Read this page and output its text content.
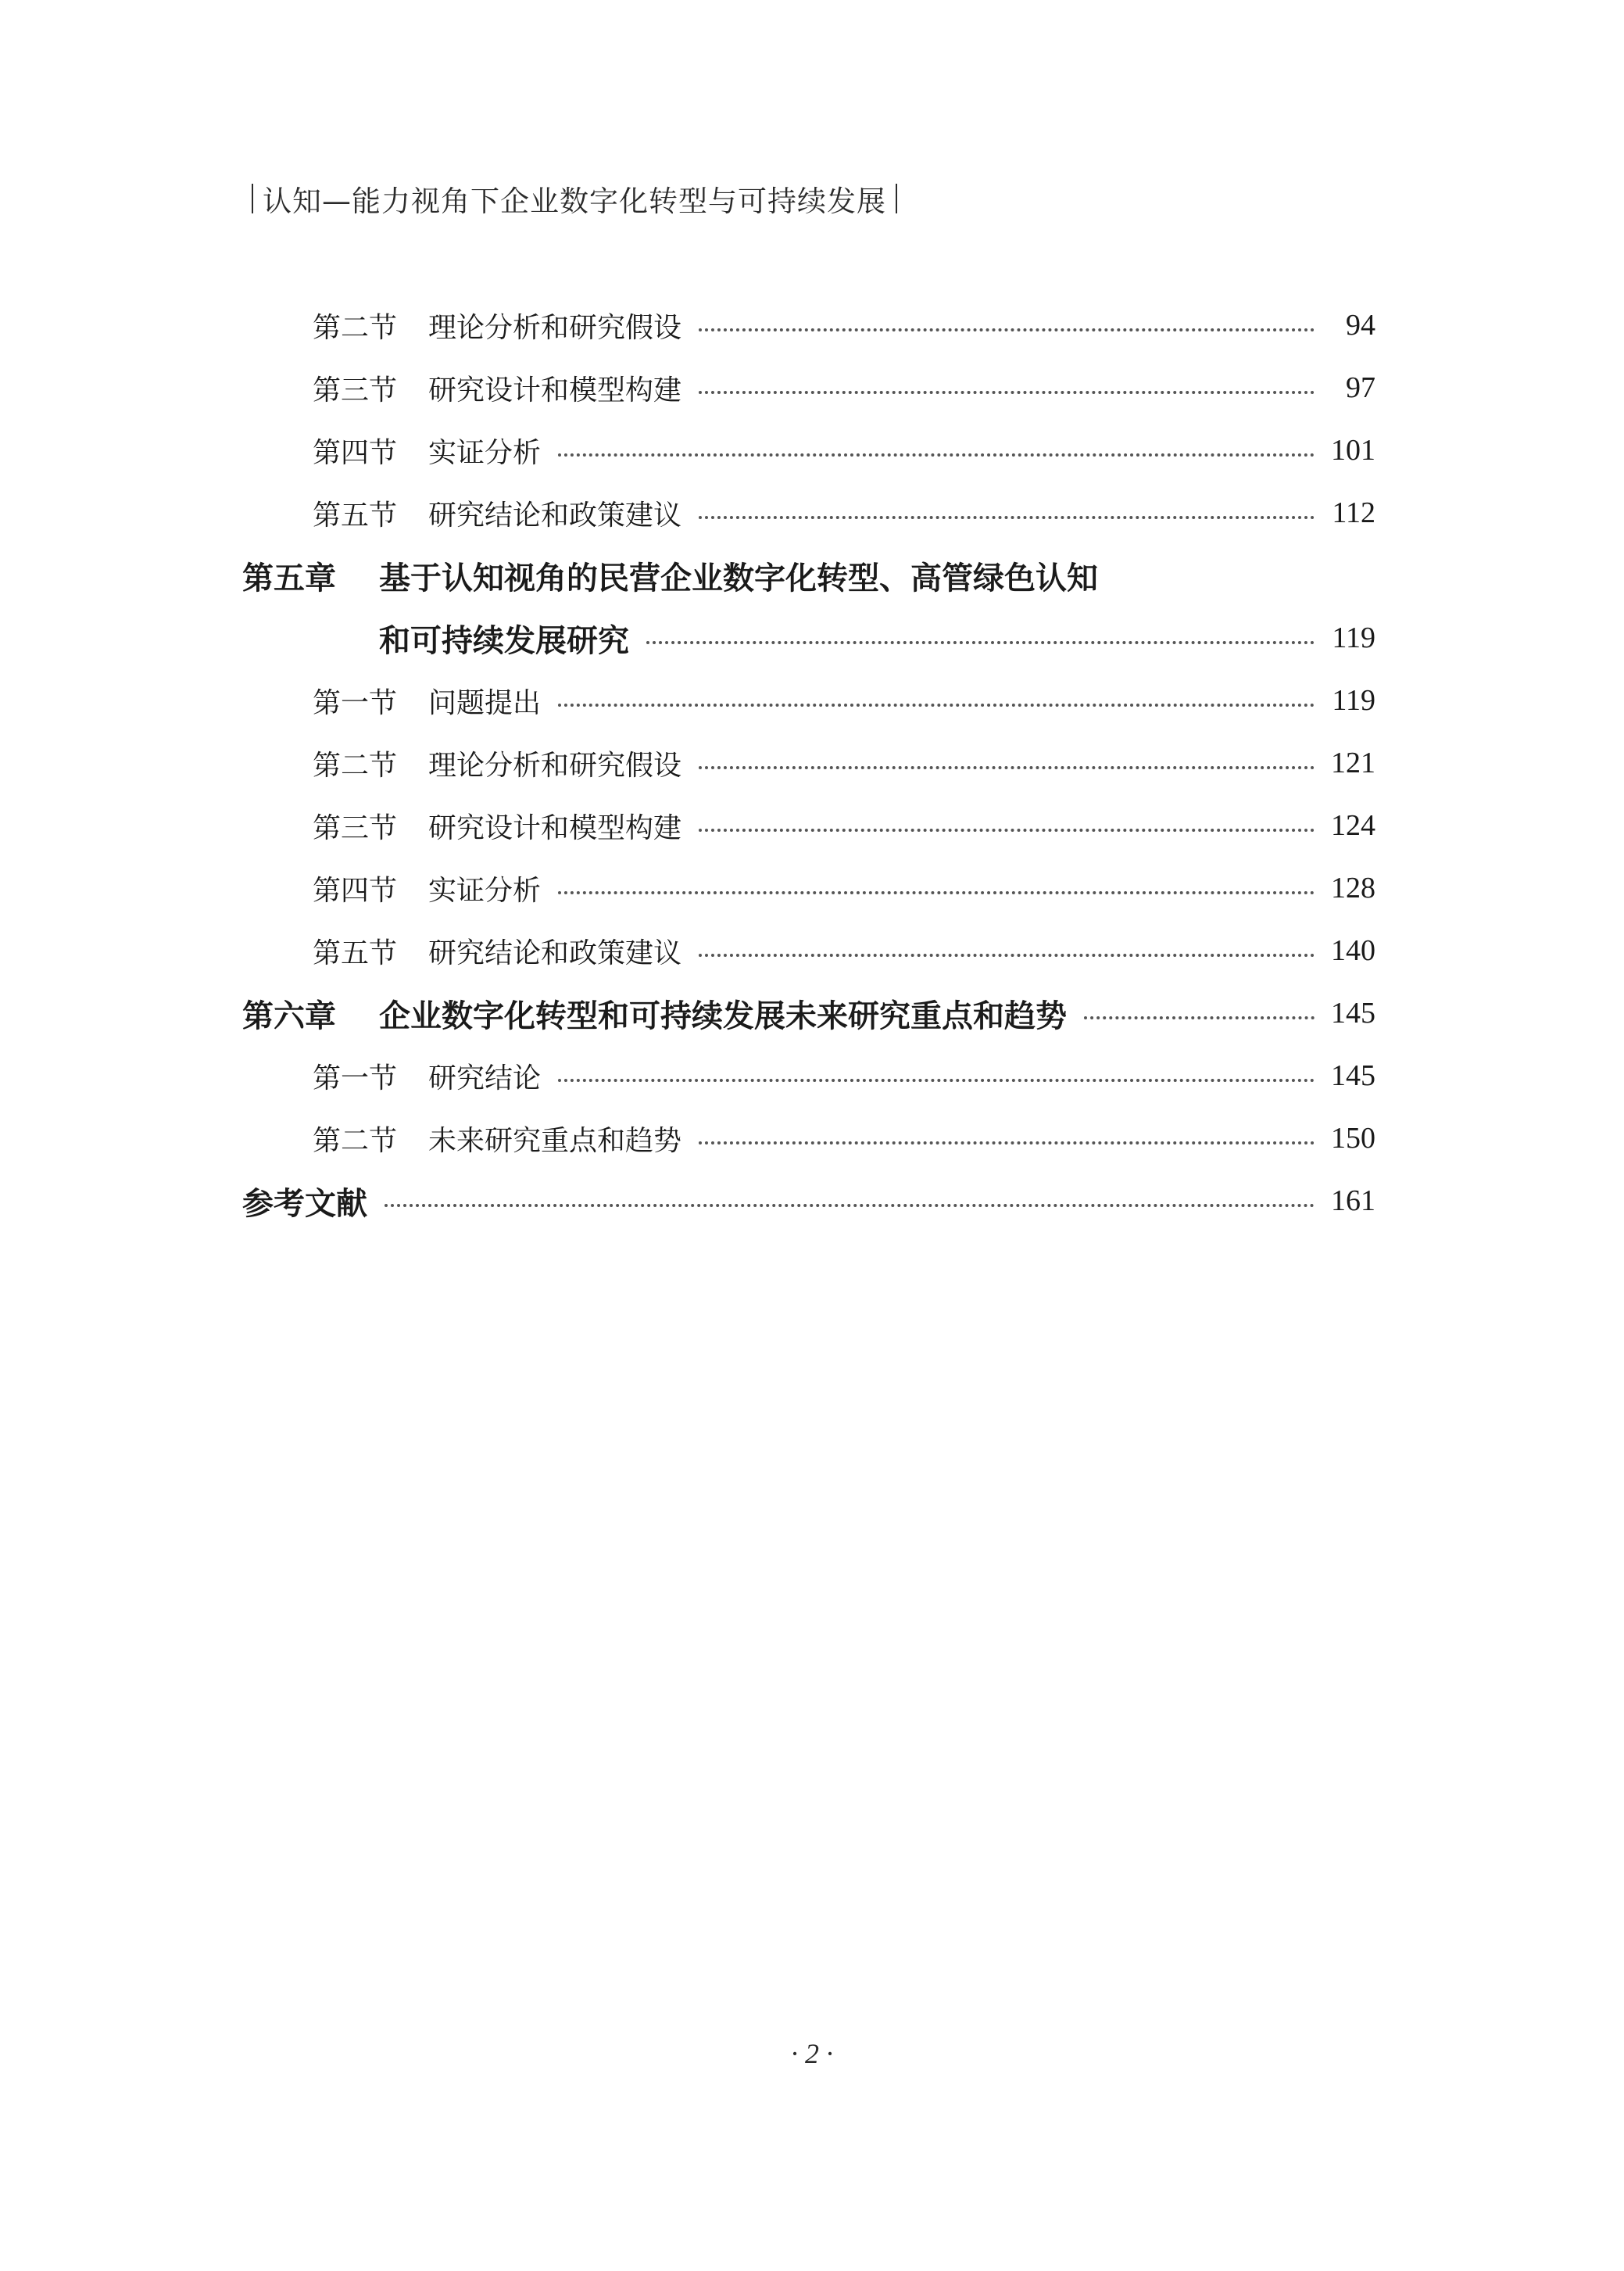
认知—能力视角下企业数字化转型与可持续发展
第二节	理论分析和研究假设	94
第三节	研究设计和模型构建	97
第四节	实证分析	101
第五节	研究结论和政策建议	112
第五章	基于认知视角的民营企业数字化转型、高管绿色认知
和可持续发展研究	119
第一节	问题提出	119
第二节	理论分析和研究假设	121
第三节	研究设计和模型构建	124
第四节	实证分析	128
第五节	研究结论和政策建议	140
第六章	企业数字化转型和可持续发展未来研究重点和趋势	145
第一节	研究结论	145
第二节	未来研究重点和趋势	150
参考文献	161
· 2 ·
